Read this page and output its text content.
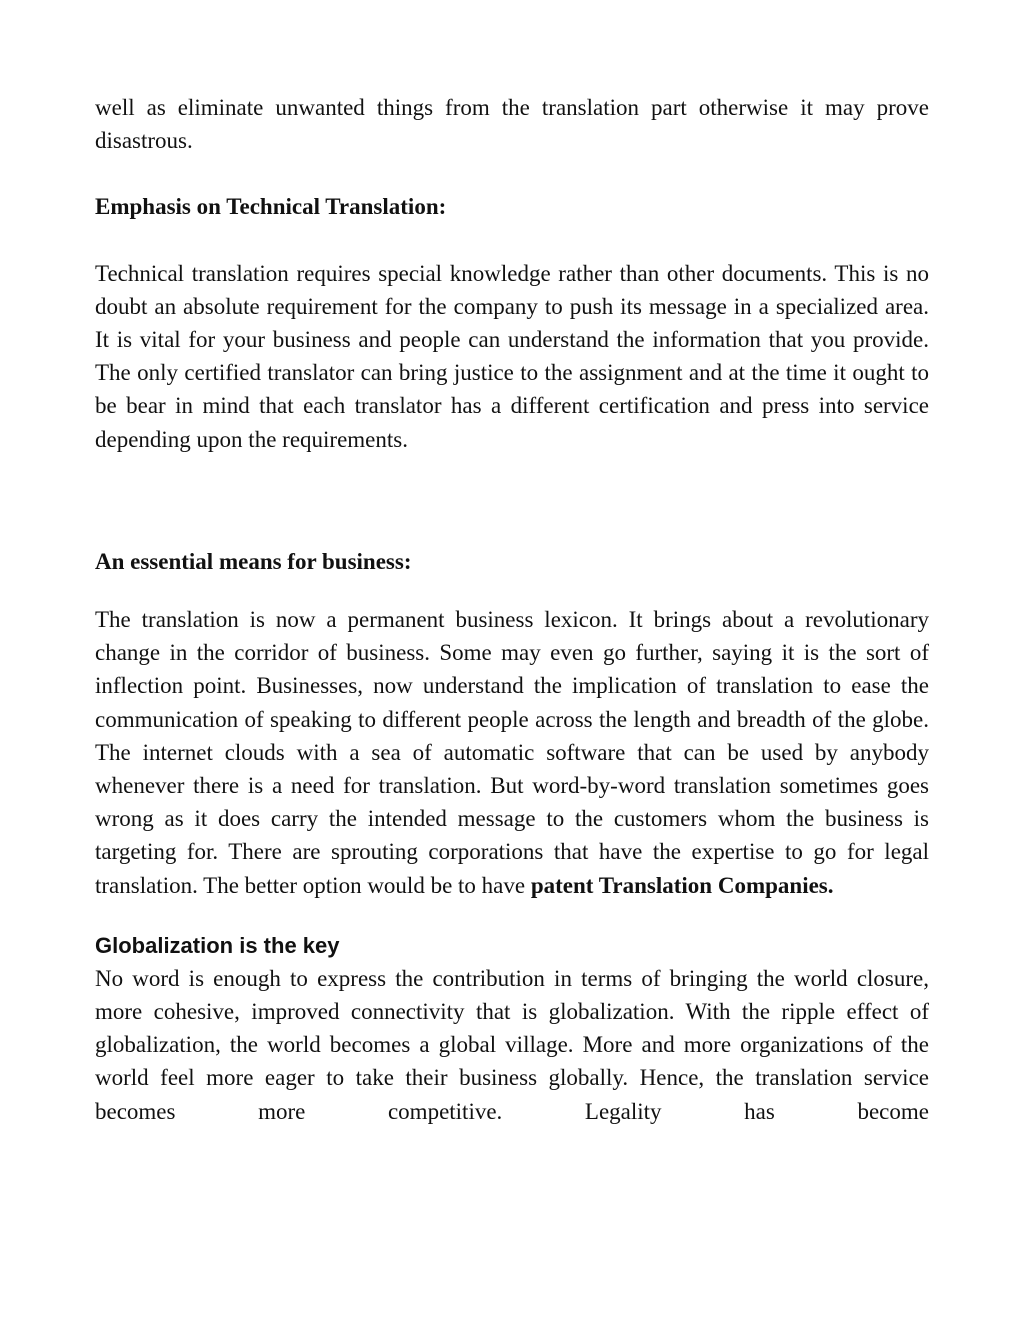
well as eliminate unwanted things from the translation part otherwise it may prove disastrous.

Emphasis on Technical Translation:

Technical translation requires special knowledge rather than other documents. This is no doubt an absolute requirement for the company to push its message in a specialized area. It is vital for your business and people can understand the information that you provide. The only certified translator can bring justice to the assignment and at the time it ought to be bear in mind that each translator has a different certification and press into service depending upon the requirements.

An essential means for business:

The translation is now a permanent business lexicon. It brings about a revolutionary change in the corridor of business. Some may even go further, saying it is the sort of inflection point. Businesses, now understand the implication of translation to ease the communication of speaking to different people across the length and breadth of the globe. The internet clouds with a sea of automatic software that can be used by anybody whenever there is a need for translation. But word-by-word translation sometimes goes wrong as it does carry the intended message to the customers whom the business is targeting for. There are sprouting corporations that have the expertise to go for legal translation. The better option would be to have patent Translation Companies.

Globalization is the key

No word is enough to express the contribution in terms of bringing the world closure, more cohesive, improved connectivity that is globalization. With the ripple effect of globalization, the world becomes a global village. More and more organizations of the world feel more eager to take their business globally. Hence, the translation service becomes more competitive. Legality has become
